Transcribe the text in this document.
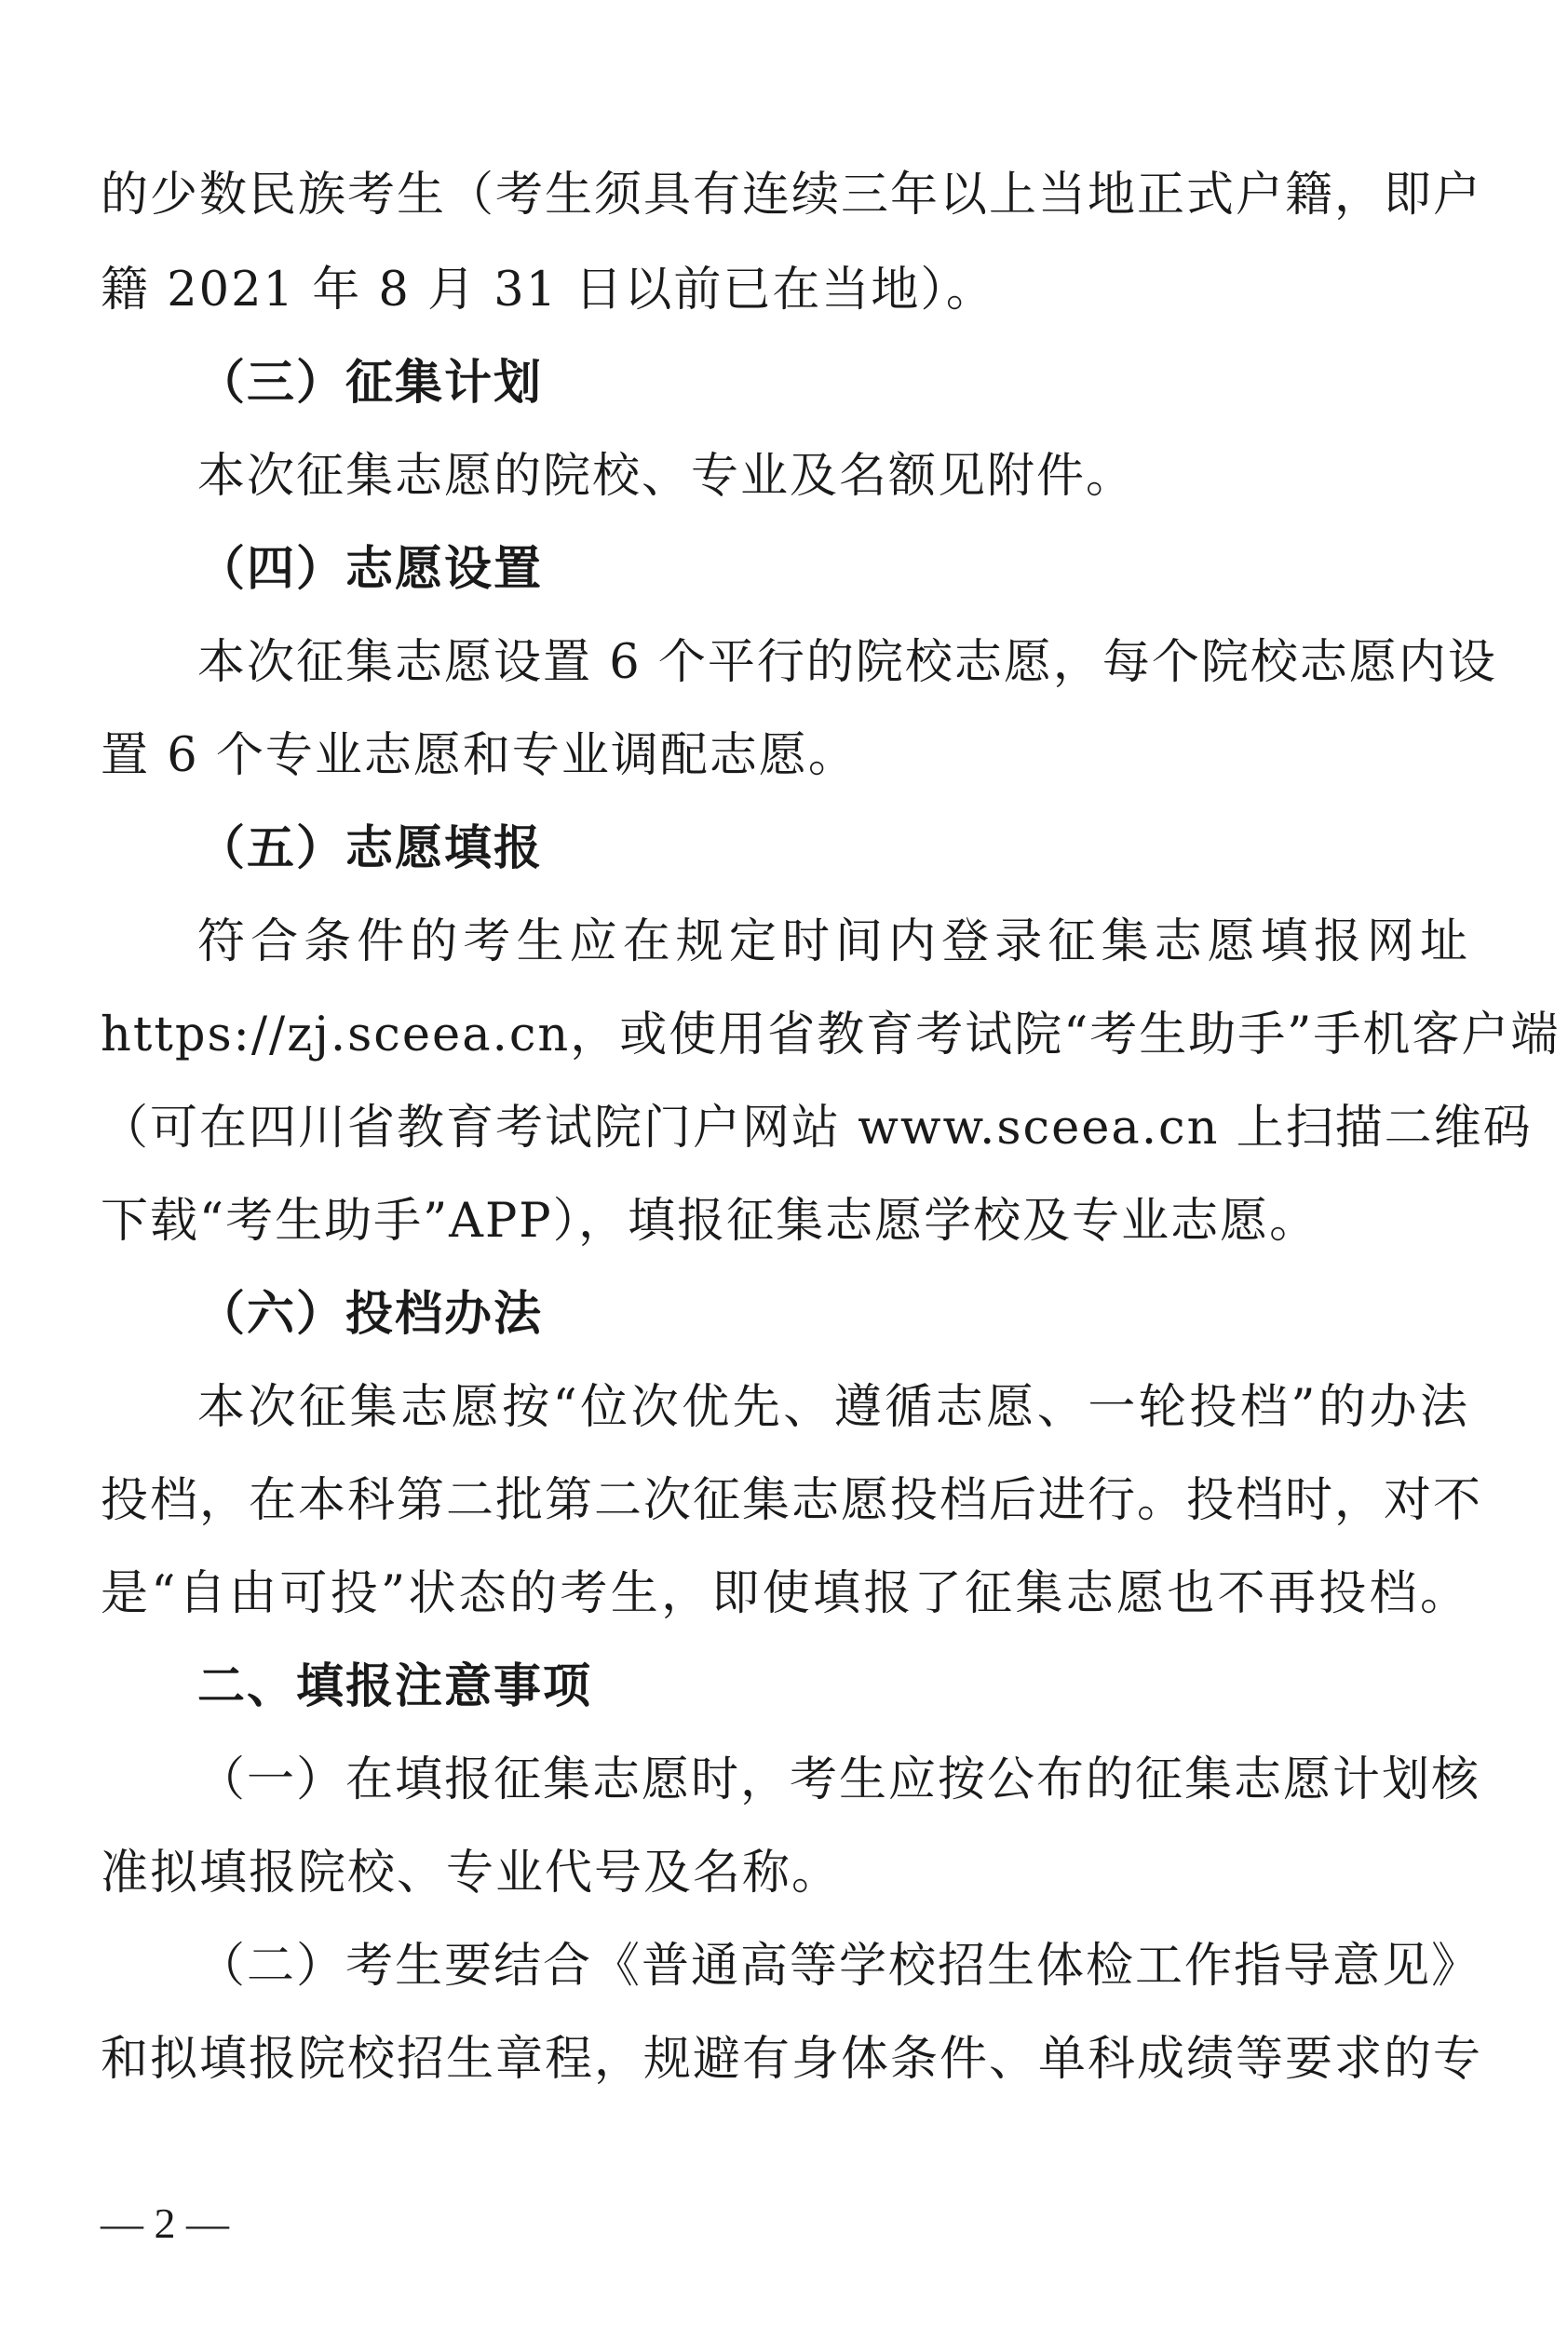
的少数民族考生（考生须具有连续三年以上当地正式户籍，即户
籍 2021 年 8 月 31 日以前已在当地）。
（三）征集计划
本次征集志愿的院校、专业及名额见附件。
（四）志愿设置
本次征集志愿设置 6 个平行的院校志愿，每个院校志愿内设
置 6 个专业志愿和专业调配志愿。
（五）志愿填报
符合条件的考生应在规定时间内登录征集志愿填报网址
https://zj.sceea.cn，或使用省教育考试院“考生助手”手机客户端
（可在四川省教育考试院门户网站 www.sceea.cn 上扫描二维码
下载“考生助手”APP），填报征集志愿学校及专业志愿。
（六）投档办法
本次征集志愿按“位次优先、遵循志愿、一轮投档”的办法
投档，在本科第二批第二次征集志愿投档后进行。投档时，对不
是“自由可投”状态的考生，即使填报了征集志愿也不再投档。
二、填报注意事项
（一）在填报征集志愿时，考生应按公布的征集志愿计划核
准拟填报院校、专业代号及名称。
（二）考生要结合《普通高等学校招生体检工作指导意见》
和拟填报院校招生章程，规避有身体条件、单科成绩等要求的专
— 2 —
